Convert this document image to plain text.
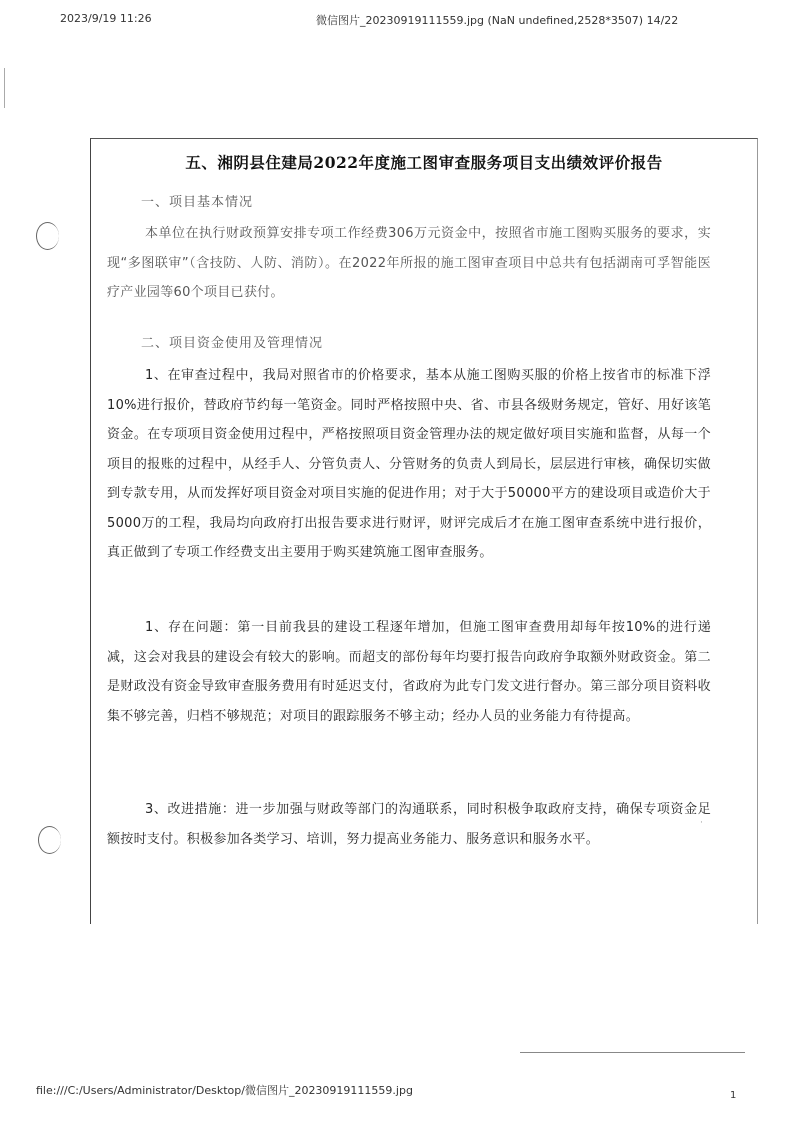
2023/9/19 11:26	微信图片_20230919111559.jpg (NaN undefined,2528*3507) 14/22
·
五、湘阴县住建局2022年度施工图审查服务项目支出绩效评价报告
一、项目基本情况
本单位在执行财政预算安排专项工作经费306万元资金中，按照省市施工图购买服务的要求，实现“多图联审”（含技防、人防、消防）。在2022年所报的施工图审查项目中总共有包括湖南可孚智能医疗产业园等60个项目已获付。
二、项目资金使用及管理情况
1、在审查过程中，我局对照省市的价格要求，基本从施工图购买服的价格上按省市的标准下浮10%进行报价，替政府节约每一笔资金。同时严格按照中央、省、市县各级财务规定，管好、用好该笔资金。在专项项目资金使用过程中，严格按照项目资金管理办法的规定做好项目实施和监督，从每一个项目的报账的过程中，从经手人、分管负责人、分管财务的负责人到局长，层层进行审核，确保切实做到专款专用，从而发挥好项目资金对项目实施的促进作用；对于大于50000平方的建设项目或造价大于5000万的工程，我局均向政府打出报告要求进行财评，财评完成后才在施工图审查系统中进行报价，真正做到了专项工作经费支出主要用于购买建筑施工图审查服务。
1、存在问题：第一目前我县的建设工程逐年增加，但施工图审查费用却每年按10%的进行递减，这会对我县的建设会有较大的影响。而超支的部份每年均要打报告向政府争取额外财政资金。第二是财政没有资金导致审查服务费用有时延迟支付，省政府为此专门发文进行督办。第三部分项目资料收集不够完善，归档不够规范；对项目的跟踪服务不够主动；经办人员的业务能力有待提高。
3、改进措施：进一步加强与财政等部门的沟通联系，同时积极争取政府支持，确保专项资金足额按时支付。积极参加各类学习、培训，努力提高业务能力、服务意识和服务水平。
file:///C:/Users/Administrator/Desktop/微信图片_20230919111559.jpg	1
